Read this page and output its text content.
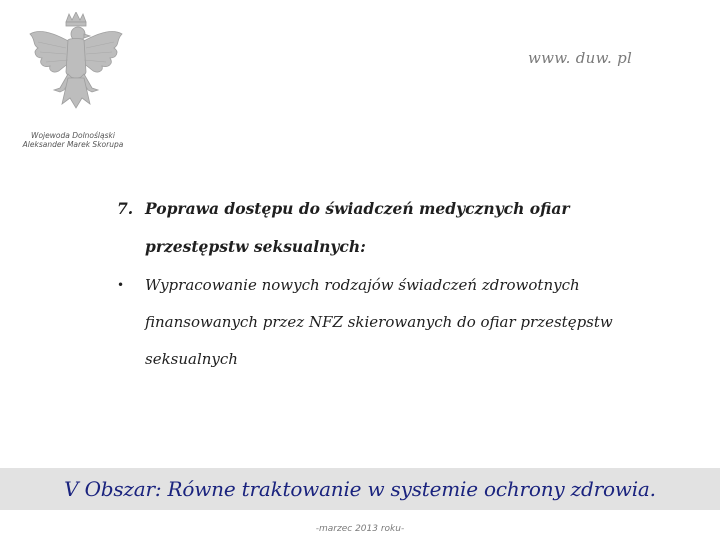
Wojewoda Dolnośląski
Aleksander Marek Skorupa
www. duw. pl
7. Poprawa dostępu do świadczeń medycznych ofiar przestępstw seksualnych:
•	Wypracowanie nowych rodzajów świadczeń zdrowotnych finansowanych przez NFZ skierowanych do ofiar przestępstw seksualnych
V Obszar: Równe traktowanie w systemie ochrony zdrowia.
-marzec 2013 roku-
